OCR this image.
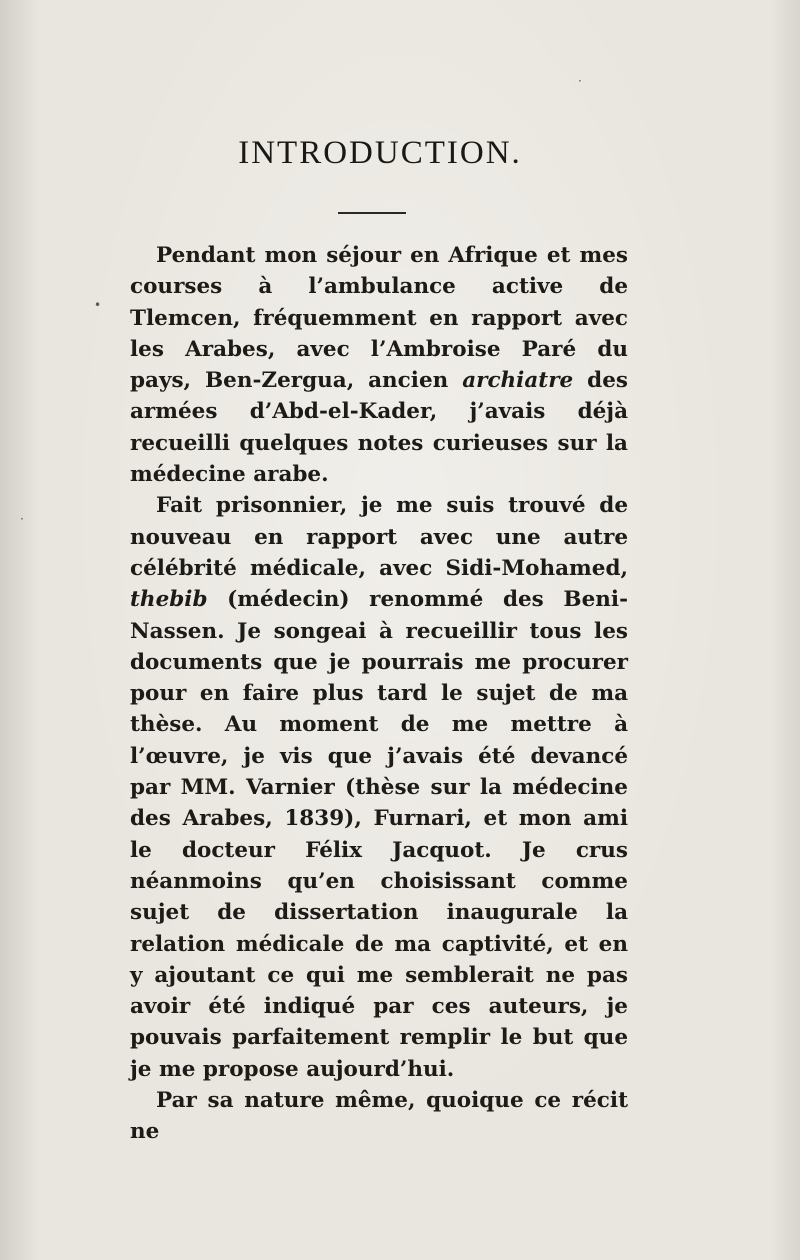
INTRODUCTION.

Pendant mon séjour en Afrique et mes courses à l’ambulance active de Tlemcen, fréquemment en rapport avec les Arabes, avec l’Ambroise Paré du pays, Ben-Zergua, ancien archiatre des armées d’Abd-el-Kader, j’avais déjà recueilli quelques notes curieuses sur la médecine arabe.

Fait prisonnier, je me suis trouvé de nouveau en rapport avec une autre célébrité médicale, avec Sidi-Mohamed, thebib (médecin) renommé des Beni-Nassen. Je songeai à recueillir tous les documents que je pourrais me procurer pour en faire plus tard le sujet de ma thèse. Au moment de me mettre à l’œuvre, je vis que j’avais été devancé par MM. Varnier (thèse sur la médecine des Arabes, 1839), Furnari, et mon ami le docteur Félix Jacquot. Je crus néanmoins qu’en choisissant comme sujet de dissertation inaugurale la relation médicale de ma captivité, et en y ajoutant ce qui me semblerait ne pas avoir été indiqué par ces auteurs, je pouvais parfaitement remplir le but que je me propose aujourd’hui.

Par sa nature même, quoique ce récit ne

•
·
·
